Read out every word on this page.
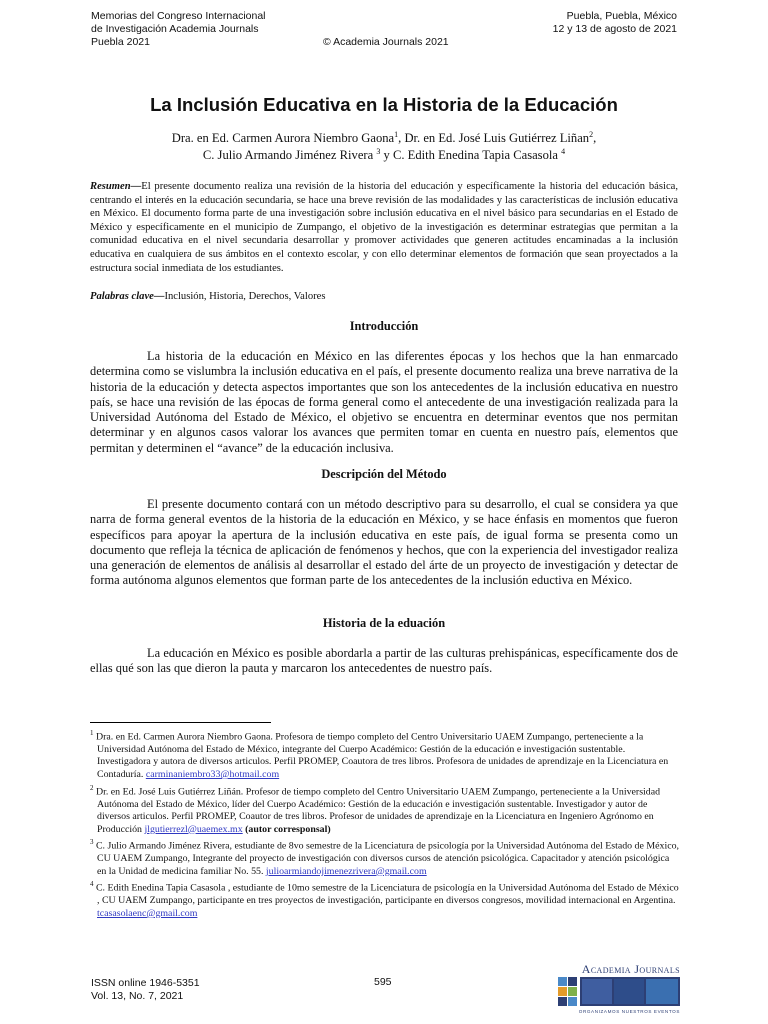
Memorias del Congreso Internacional
de Investigación Academia Journals
Puebla 2021	© Academia Journals 2021
Puebla, Puebla, México
12 y 13 de agosto de 2021
La Inclusión Educativa en la Historia de la Educación
Dra. en Ed. Carmen Aurora Niembro Gaona$^1$, Dr. en Ed. José Luis Gutiérrez Liñan$^2$,
C. Julio Armando Jiménez Rivera $^3$ y C. Edith Enedina Tapia Casasola $^4$
Resumen—El presente documento realiza una revisión de la historia del educación y específicamente la historia del educación básica, centrando el interés en la educación secundaria, se hace una breve revisión de las modalidades y las características de inclusión educativa en México. El documento forma parte de una investigación sobre inclusión educativa en el nivel básico para secundarias en el Estado de México y específicamente en el municipio de Zumpango, el objetivo de la investigación es determinar estrategias que permitan a la comunidad educativa en el nivel secundaria desarrollar y promover actividades que generen actitudes encaminadas a la inclusión educativa en cualquiera de sus ámbitos en el contexto escolar, y con ello determinar elementos de formación que sean proyectados a la estructura social inmediata de los estudiantes.
Palabras clave—Inclusión, Historia, Derechos, Valores
Introducción
La historia de la educación en México en las diferentes épocas y los hechos que la han enmarcado determina como se vislumbra la inclusión educativa en el país, el presente documento realiza una breve narrativa de la historia de la educación y detecta aspectos importantes que son los antecedentes de la inclusión educativa en nuestro país, se hace una revisión de las épocas de forma general como el antecedente de una investigación realizada para la Universidad Autónoma del Estado de México, el objetivo se encuentra en determinar eventos que nos permitan determinar y en algunos casos valorar los avances que permiten tomar en cuenta en nuestro país, elementos que permitan y determinen el “avance” de la educación inclusiva.
Descripción del Método
El presente documento contará con un método descriptivo para su desarrollo, el cual se considera ya que narra de forma general eventos de la historia de la educación en México, y se hace énfasis en momentos que fueron específicos para apoyar la apertura de la inclusión educativa en este país, de igual forma se presenta como un documento que refleja la técnica de aplicación de fenómenos y hechos, que con la experiencia del investigador realiza una generación de elementos de análisis al desarrollar el estado del árte de un proyecto de investigación y detectar de forma autónoma algunos elementos que forman parte de los antecedentes de la inclusión eductiva en México.
Historia de la eduación
La educación en México es posible abordarla a partir de las culturas prehispánicas, específicamente dos de ellas qué son las que dieron la pauta y marcaron los antecedentes de nuestro país.

$^1$ Dra. en Ed. Carmen Aurora Niembro Gaona. Profesora de tiempo completo del Centro Universitario UAEM Zumpango, perteneciente a la Universidad Autónoma del Estado de México, integrante del Cuerpo Académico: Gestión de la educación e investigación sustentable. Investigadora y autora de diversos articulos. Perfil PROMEP, Coautora de tres libros. Profesora de unidades de aprendizaje en la Licenciatura en Contaduría. carminaniembro33@hotmail.com

$^2$ Dr. en Ed. José Luis Gutiérrez Liñán. Profesor de tiempo completo del Centro Universitario UAEM Zumpango, perteneciente a la Universidad Autónoma del Estado de México, líder del Cuerpo Académico: Gestión de la educación e investigación sustentable. Investigador y autor de diversos articulos. Perfil PROMEP, Coautor de tres libros. Profesor de unidades de aprendizaje en la Licenciatura en Ingeniero Agrónomo en Producción jlgutierrezl@uaemex.mx (autor corresponsal)

$^3$ C. Julio Armando Jiménez Rivera, estudiante de 8vo semestre de la Licenciatura de psicología por la Universidad Autónoma del Estado de México, CU UAEM Zumpango, Integrante del proyecto de investigación con diversos cursos de atención psicológica. Capacitador y atención psicológica en la Unidad de medicina familiar No. 55. julioarmiandojimenezrivera@gmail.com

$^4$ C. Edith Enedina Tapia Casasola , estudiante de 10mo semestre de la Licenciatura de psicología en la Universidad Autónoma del Estado de México , CU UAEM Zumpango, participante en tres proyectos de investigación, participante en diversos congresos, movilidad internacional en Argentina. tcasasolaenc@gmail.com

ISSN online 1946-5351
Vol. 13, No. 7, 2021
595
Academia Journals
ORGANIZAMOS NUESTROS EVENTOS
